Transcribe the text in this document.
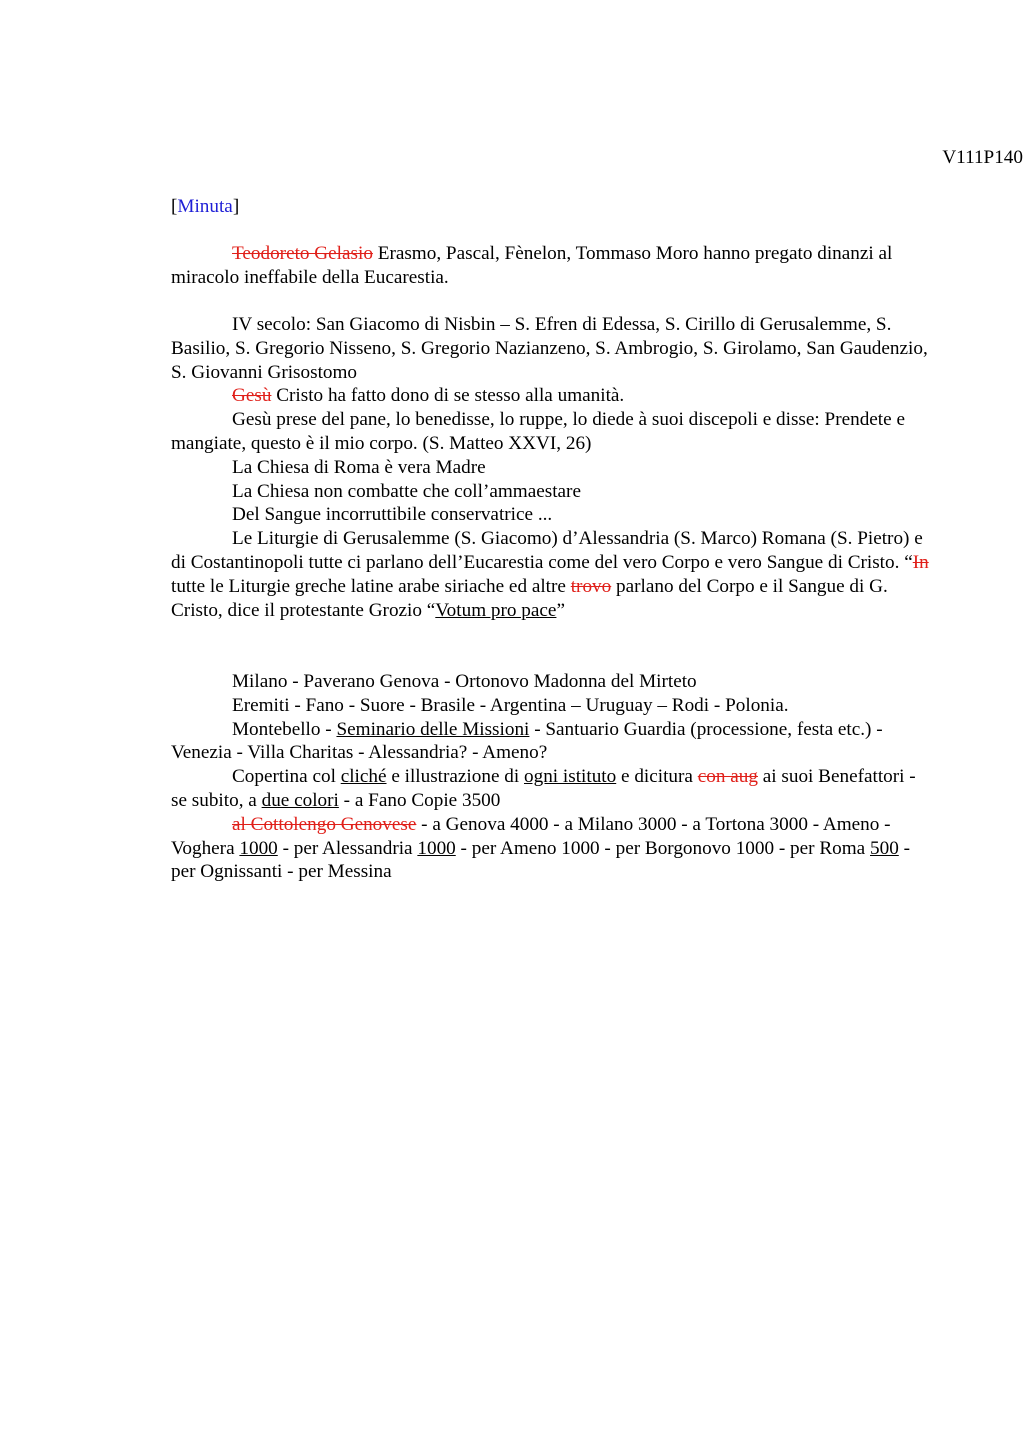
V111P140
[Minuta]

Teodoreto Gelasio Erasmo, Pascal, Fènelon, Tommaso Moro hanno pregato dinanzi al miracolo ineffabile della Eucarestia.

IV secolo: San Giacomo di Nisbin – S. Efren di Edessa, S. Cirillo di Gerusalemme, S. Basilio, S. Gregorio Nisseno, S. Gregorio Nazianzeno, S. Ambrogio, S. Girolamo, San Gaudenzio, S. Giovanni Grisostomo

Gesù Cristo ha fatto dono di se stesso alla umanità.

Gesù prese del pane, lo benedisse, lo ruppe, lo diede à suoi discepoli e disse: Prendete e mangiate, questo è il mio corpo. (S. Matteo XXVI, 26)

La Chiesa di Roma è vera Madre

La Chiesa non combatte che coll’ammaestare

Del Sangue incorruttibile conservatrice ...

Le Liturgie di Gerusalemme (S. Giacomo) d’Alessandria (S. Marco) Romana (S. Pietro) e di Costantinopoli tutte ci parlano dell’Eucarestia come del vero Corpo e vero Sangue di Cristo. “In tutte le Liturgie greche latine arabe siriache ed altre trovo parlano del Corpo e il Sangue di G. Cristo, dice il protestante Grozio “Votum pro pace”

Milano - Paverano Genova - Ortonovo Madonna del Mirteto

Eremiti - Fano - Suore - Brasile - Argentina – Uruguay – Rodi - Polonia.

Montebello - Seminario delle Missioni - Santuario Guardia (processione, festa etc.) - Venezia - Villa Charitas - Alessandria? - Ameno?

Copertina col cliché e illustrazione di ogni istituto e dicitura con aug ai suoi Benefattori - se subito, a due colori - a Fano Copie 3500

al Cottolengo Genovese - a Genova 4000 - a Milano 3000 - a Tortona 3000 - Ameno - Voghera 1000 - per Alessandria 1000 - per Ameno 1000 - per Borgonovo 1000 - per Roma 500 - per Ognissanti - per Messina
